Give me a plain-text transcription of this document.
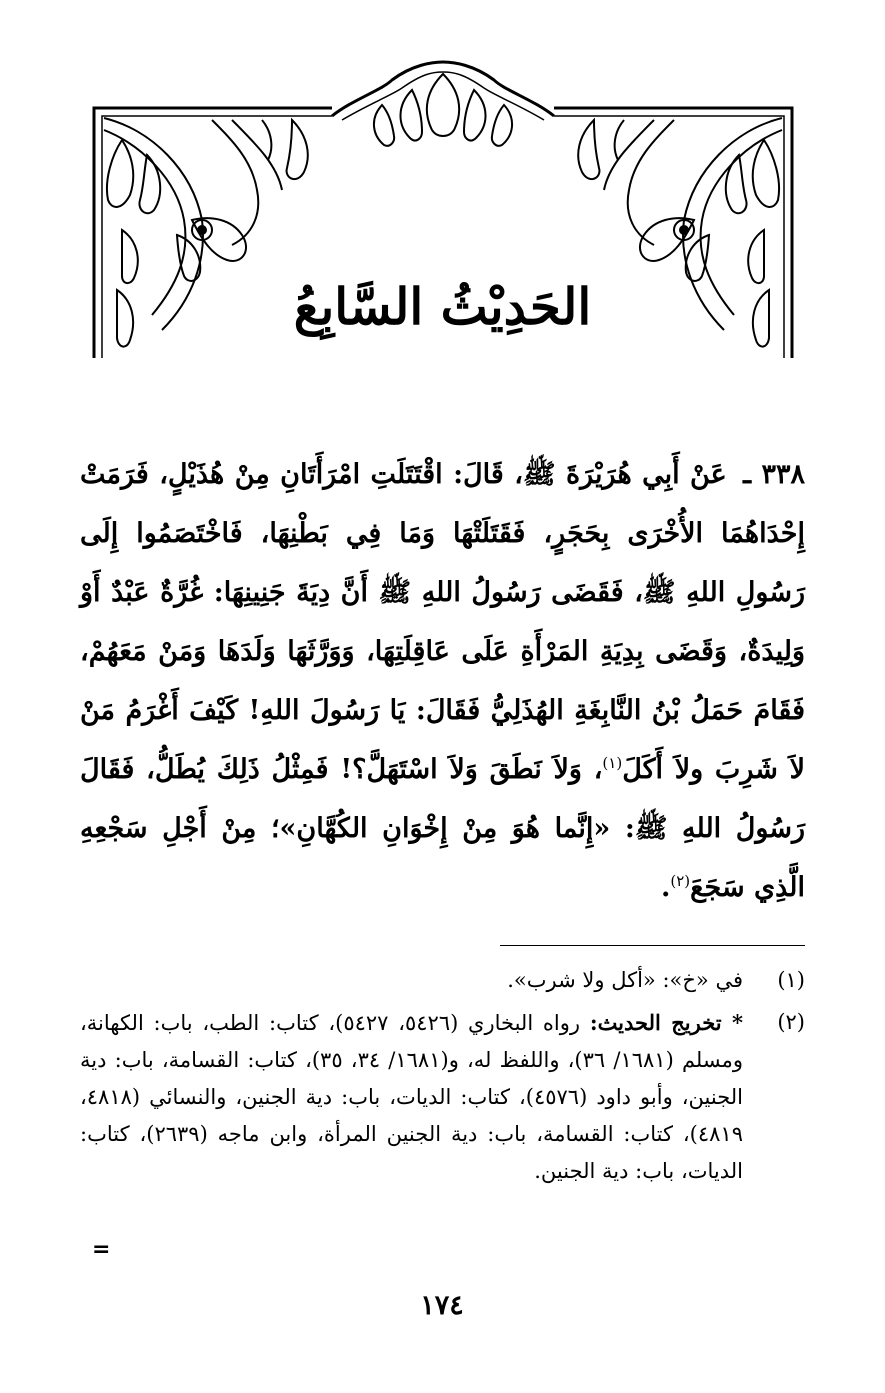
الحَدِيْثُ السَّابِعُ

٣٣٨ ـ عَنْ أَبِي هُرَيْرَةَ ﷺ، قَالَ: اقْتَتَلَتِ امْرَأَتَانِ مِنْ هُذَيْلٍ، فَرَمَتْ إِحْدَاهُمَا الأُخْرَى بِحَجَرٍ، فَقَتَلَتْهَا وَمَا فِي بَطْنِهَا، فَاخْتَصَمُوا إِلَى رَسُولِ اللهِ ﷺ، فَقَضَى رَسُولُ اللهِ ﷺ أَنَّ دِيَةَ جَنِينِهَا: غُرَّةٌ عَبْدٌ أَوْ وَلِيدَةٌ، وَقَضَى بِدِيَةِ المَرْأَةِ عَلَى عَاقِلَتِهَا، وَوَرَّثَهَا وَلَدَهَا وَمَنْ مَعَهُمْ، فَقَامَ حَمَلُ بْنُ النَّابِغَةِ الهُذَلِيُّ فَقَالَ: يَا رَسُولَ اللهِ! كَيْفَ أَغْرَمُ مَنْ لاَ شَرِبَ ولاَ أَكَلَ$^{(١)}$، وَلاَ نَطَقَ وَلاَ اسْتَهَلَّ؟! فَمِثْلُ ذَلِكَ يُطَلُّ، فَقَالَ رَسُولُ اللهِ ﷺ: «إِنَّما هُوَ مِنْ إِخْوَانِ الكُهَّانِ»؛ مِنْ أَجْلِ سَجْعِهِ الَّذِي سَجَعَ$^{(٢)}$.

(١)
في «خ»: «أكل ولا شرب».
(٢)
* تخريج الحديث: رواه البخاري (٥٤٢٦، ٥٤٢٧)، كتاب: الطب، باب: الكهانة، ومسلم (١٦٨١/ ٣٦)، واللفظ له، و(١٦٨١/ ٣٤، ٣٥)، كتاب: القسامة، باب: دية الجنين، وأبو داود (٤٥٧٦)، كتاب: الديات، باب: دية الجنين، والنسائي (٤٨١٨، ٤٨١٩)، كتاب: القسامة، باب: دية الجنين المرأة، وابن ماجه (٢٦٣٩)، كتاب: الديات، باب: دية الجنين.
=
١٧٤
